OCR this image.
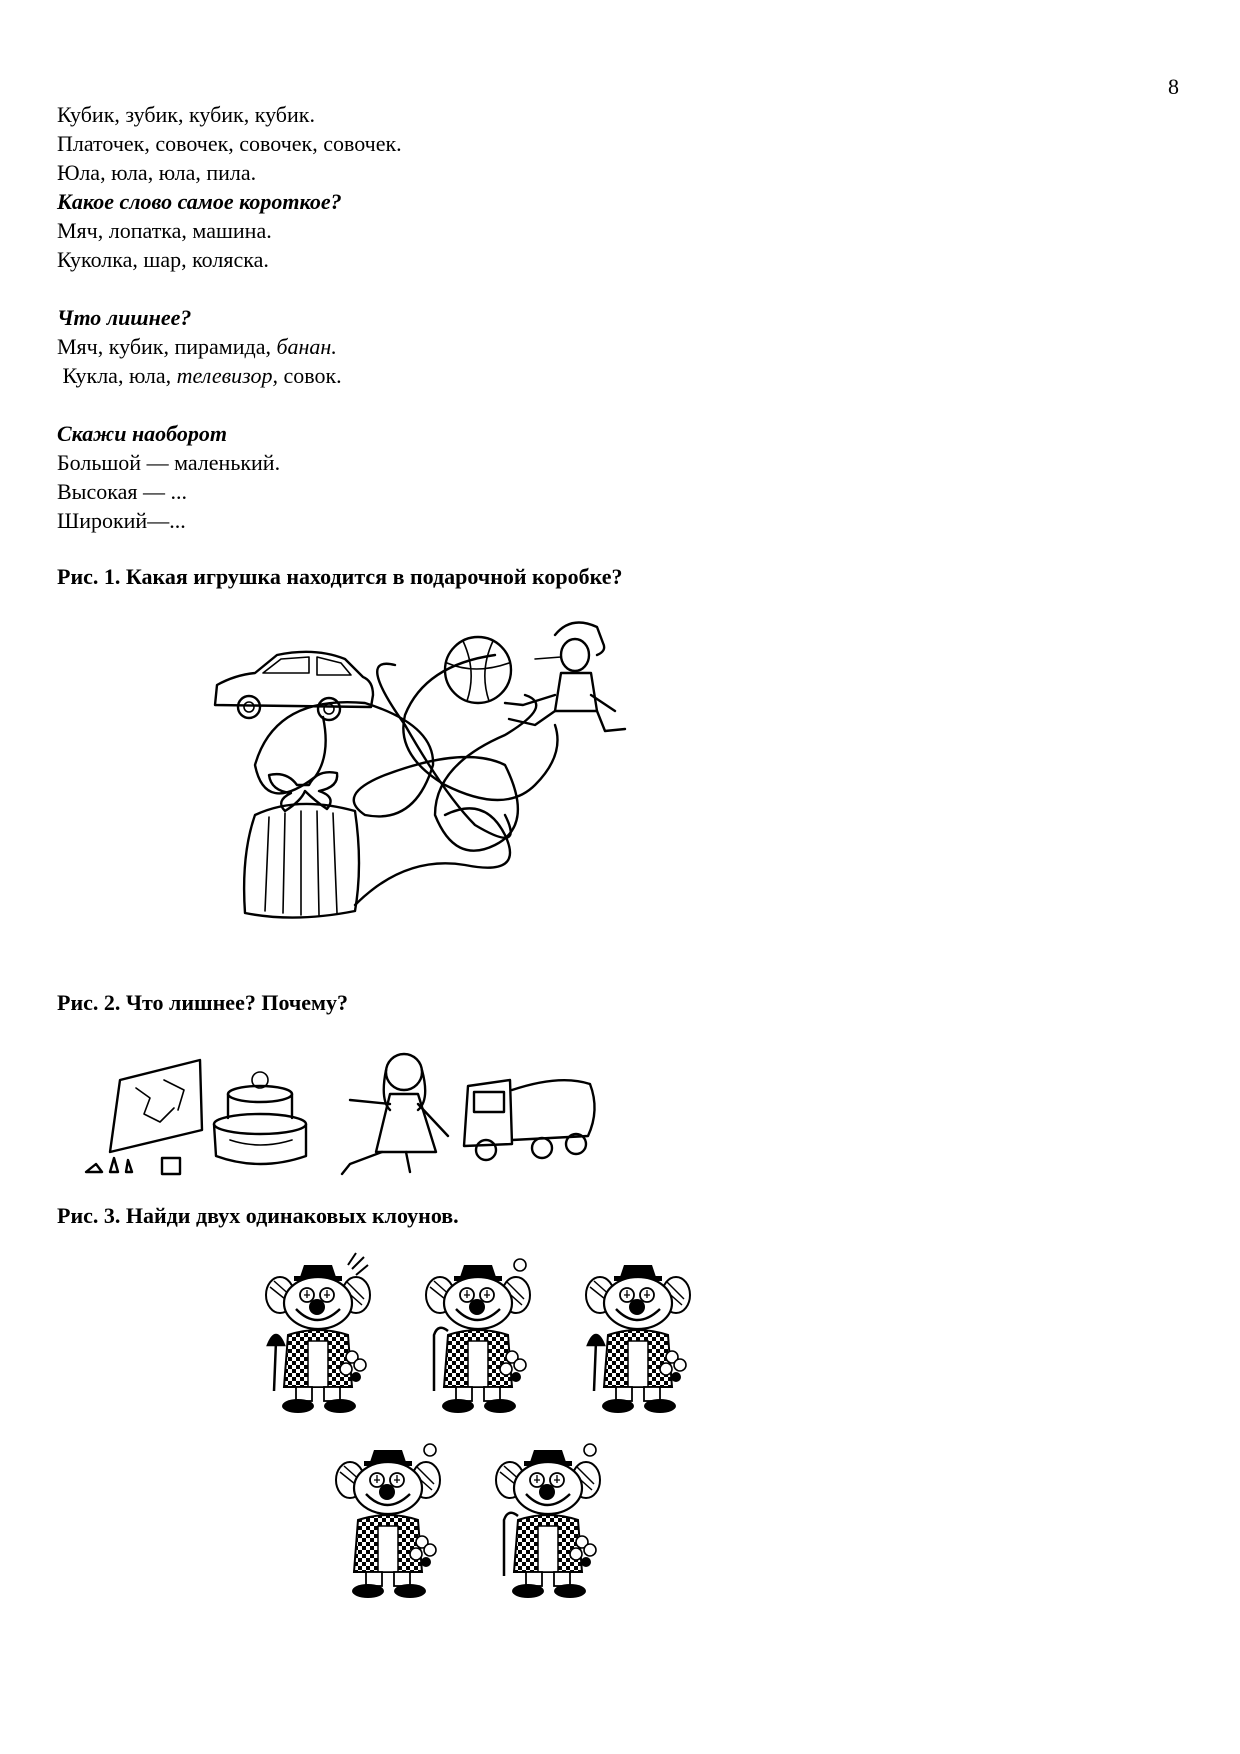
8

Кубик, зубик, кубик, кубик.

Платочек, совочек, совочек, совочек.

Юла, юла, юла, пила.

Какое слово самое короткое?

Мяч, лопатка, машина.

Куколка, шар, коляска.

Что лишнее?

Мяч, кубик, пирамида, банан.

Кукла, юла, телевизор, совок.

Скажи наоборот

Большой — маленький.

Высокая — ...

Широкий—...

Рис. 1. Какая игрушка находится в подарочной коробке?

Рис. 2. Что лишнее? Почему?

Рис. 3. Найди двух одинаковых клоунов.
